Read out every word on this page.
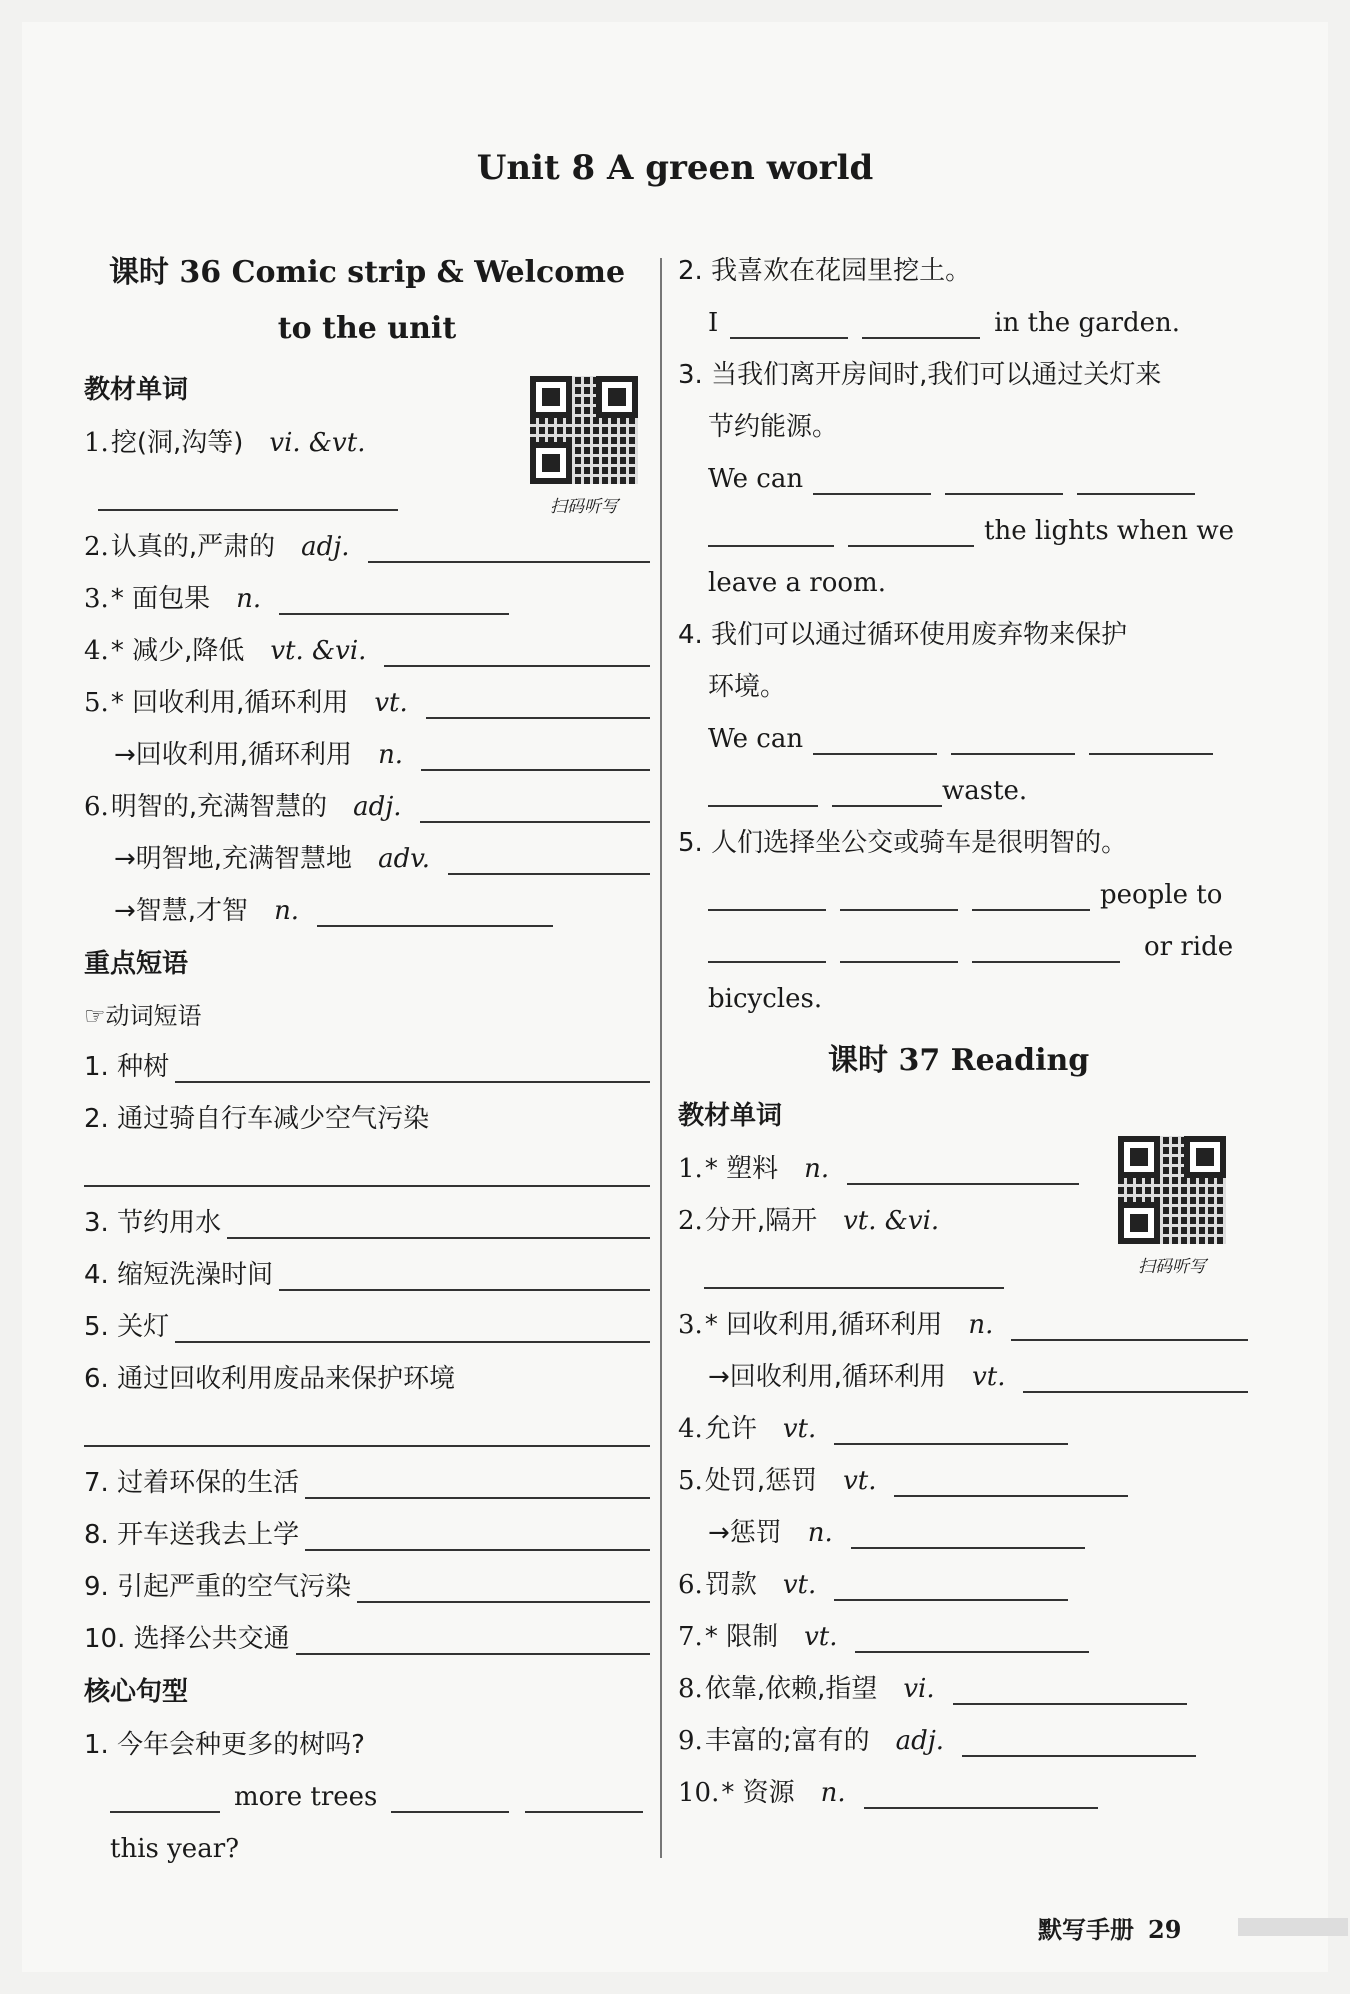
Unit 8 A green world
课时 36 Comic strip & Welcome
to the unit
教材单词
1. 挖(洞,沟等) vi. &vt.
2. 认真的,严肃的 adj.
3. * 面包果 n.
4. * 减少,降低 vt. &vi.
5. * 回收利用,循环利用 vt.
→回收利用,循环利用 n.
6. 明智的,充满智慧的 adj.
→明智地,充满智慧地 adv.
→智慧,才智 n.
重点短语
☞动词短语
1. 种树
2. 通过骑自行车减少空气污染
3. 节约用水
4. 缩短洗澡时间
5. 关灯
6. 通过回收利用废品来保护环境
7. 过着环保的生活
8. 开车送我去上学
9. 引起严重的空气污染
10. 选择公共交通
核心句型
1. 今年会种更多的树吗?
more trees
this year?
扫码听写
2. 我喜欢在花园里挖土。
I	in the garden.
3. 当我们离开房间时,我们可以通过关灯来
节约能源。
We can
the lights when we
leave a room.
4. 我们可以通过循环使用废弃物来保护
环境。
We can
waste.
5. 人们选择坐公交或骑车是很明智的。
people to
or ride
bicycles.
课时 37 Reading
教材单词
1. * 塑料 n.
2. 分开,隔开 vt. &vi.
3. * 回收利用,循环利用 n.
→回收利用,循环利用 vt.
4. 允许 vt.
5. 处罚,惩罚 vt.
→惩罚 n.
6. 罚款 vt.
7. * 限制 vt.
8. 依靠,依赖,指望 vi.
9. 丰富的;富有的 adj.
10. * 资源 n.
扫码听写
默写手册 29
